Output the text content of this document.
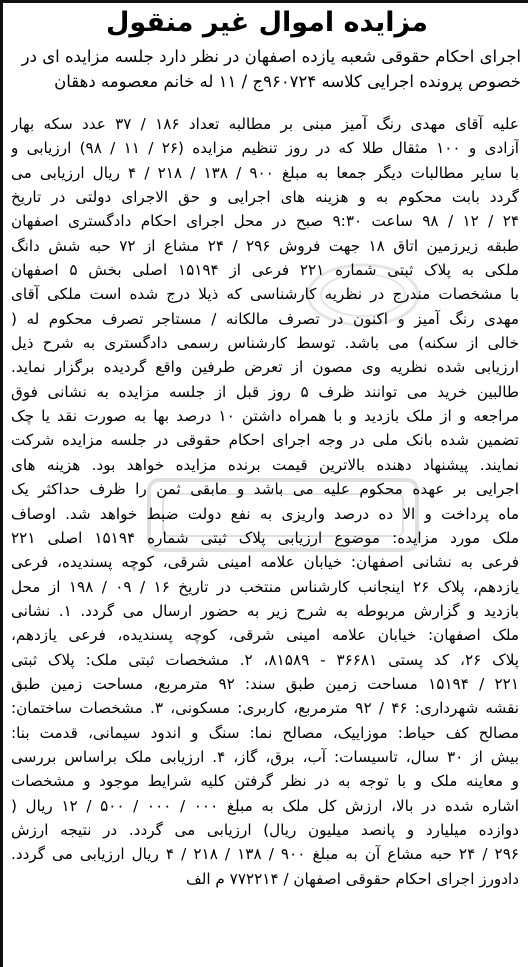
مزایده اموال غیر منقول
اجرای احکام حقوقی شعبه یازده اصفهان در نظر دارد جلسه مزایده ای در
خصوص پرونده اجرایی کلاسه ۹۶۰۷۲۴ج / ۱۱ له خانم معصومه دهقان
علیه آقای مهدی رنگ آمیز مبنی بر مطالبه تعداد ۱۸۶ / ۳۷ عدد سکه بهار
آزادی و ۱۰۰ مثقال طلا که در روز تنظیم مزایده (۲۶ / ۱۱ / ۹۸) ارزیابی و
با سایر مطالبات دیگر جمعا به مبلغ ۹۰۰ / ۱۳۸ / ۲۱۸ / ۴ ریال ارزیابی می
گردد بابت محکوم به و هزینه های اجرایی و حق الاجرای دولتی در تاریخ
۲۴ / ۱۲ / ۹۸ ساعت ۹:۳۰ صبح در محل اجرای احکام دادگستری اصفهان
طبقه زیرزمین اتاق ۱۸ جهت فروش ۲۹۶ / ۲۴ مشاع از ۷۲ حبه شش دانگ
ملکی به پلاک ثبتی شماره ۲۲۱ فرعی از ۱۵۱۹۴ اصلی بخش ۵ اصفهان
با مشخصات مندرج در نظریه کارشناسی که ذیلا درج شده است ملکی آقای
مهدی رنگ آمیز و اکنون در تصرف مالکانه / مستاجر تصرف محکوم له (
خالی از سکنه) می باشد. توسط کارشناس رسمی دادگستری به شرح ذیل
ارزیابی شده نظریه وی مصون از تعرض طرفین واقع گردیده برگزار نماید.
طالبین خرید می توانند ظرف ۵ روز قبل از جلسه مزایده به نشانی فوق
مراجعه و از ملک بازدید و با همراه داشتن ۱۰ درصد بها به صورت نقد یا چک
تضمین شده بانک ملی در وجه اجرای احکام حقوقی در جلسه مزایده شرکت
نمایند. پیشنهاد دهنده بالاترین قیمت برنده مزایده خواهد بود. هزینه های
اجرایی بر عهده محکوم علیه می باشد و مابقی ثمن را ظرف حداکثر یک
ماه پرداخت و الا ده درصد واریزی به نفع دولت ضبط خواهد شد. اوصاف
ملک مورد مزایده: موضوع ارزیابی پلاک ثبتی شماره ۱۵۱۹۴ اصلی ۲۲۱
فرعی به نشانی اصفهان: خیابان علامه امینی شرقی، کوچه پسندیده، فرعی
یازدهم، پلاک ۲۶ اینجانب کارشناس منتخب در تاریخ ۱۶ / ۰۹ / ۱۹۸ از محل
بازدید و گزارش مربوطه به شرح زیر به حضور ارسال می گردد. ۱. نشانی
ملک اصفهان: خیابان علامه امینی شرقی، کوچه پسندیده، فرعی یازدهم،
پلاک ۲۶، کد پستی ۳۶۶۸۱ - ۸۱۵۸۹، ۲. مشخصات ثبتی ملک: پلاک ثبتی
۲۲۱ / ۱۵۱۹۴ مساحت زمین طبق سند: ۹۲ مترمربع، مساحت زمین طبق
نقشه شهرداری: ۴۶ / ۹۲ مترمربع، کاربری: مسکونی، ۳. مشخصات ساختمان:
مصالح کف حیاط: موزاییک، مصالح نما: سنگ و اندود سیمانی، قدمت بنا:
بیش از ۳۰ سال، تاسیسات: آب، برق، گاز، ۴. ارزیابی ملک براساس بررسی
و معاینه ملک و با توجه به در نظر گرفتن کلیه شرایط موجود و مشخصات
اشاره شده در بالا، ارزش کل ملک به مبلغ ۰۰۰ / ۰۰۰ / ۵۰۰ / ۱۲ ریال (
دوازده میلیارد و پانصد میلیون ریال) ارزیابی می گردد. در نتیجه ارزش
۲۹۶ / ۲۴ حبه مشاع آن به مبلغ ۹۰۰ / ۱۳۸ / ۲۱۸ / ۴ ریال ارزیابی می گردد.
دادورز اجرای احکام حقوقی اصفهان / ۷۷۲۲۱۴ م الف
